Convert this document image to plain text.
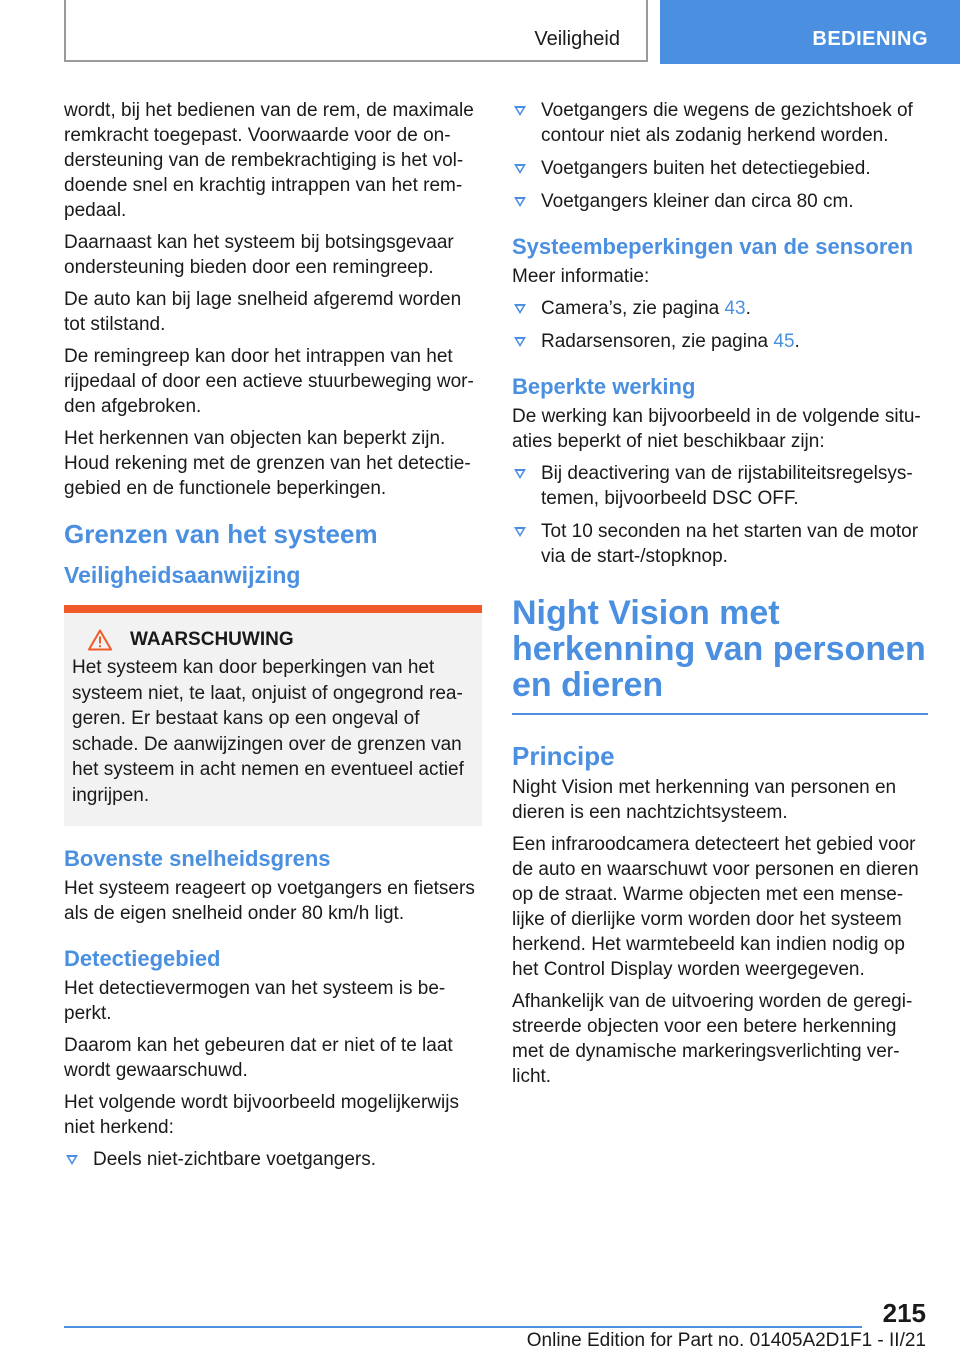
Veiligheid	BEDIENING

wordt, bij het bedienen van de rem, de maximale remkracht toegepast. Voorwaarde voor de ondersteuning van de rembekrachtiging is het voldoende snel en krachtig intrappen van het rempedaal.

Daarnaast kan het systeem bij botsingsgevaar ondersteuning bieden door een remingreep.

De auto kan bij lage snelheid afgeremd worden tot stilstand.

De remingreep kan door het intrappen van het rijpedaal of door een actieve stuurbeweging worden afgebroken.

Het herkennen van objecten kan beperkt zijn. Houd rekening met de grenzen van het detectiegebied en de functionele beperkingen.

Grenzen van het systeem
Veiligheidsaanwijzing
WAARSCHUWING

Het systeem kan door beperkingen van het systeem niet, te laat, onjuist of ongegrond reageren. Er bestaat kans op een ongeval of schade. De aanwijzingen over de grenzen van het systeem in acht nemen en eventueel actief ingrijpen.

Bovenste snelheidsgrens

Het systeem reageert op voetgangers en fietsers als de eigen snelheid onder 80 km/h ligt.

Detectiegebied

Het detectievermogen van het systeem is beperkt.

Daarom kan het gebeuren dat er niet of te laat wordt gewaarschuwd.

Het volgende wordt bijvoorbeeld mogelijkerwijs niet herkend:

Deels niet-zichtbare voetgangers.
Voetgangers die wegens de gezichtshoek of contour niet als zodanig herkend worden.
Voetgangers buiten het detectiegebied.
Voetgangers kleiner dan circa 80 cm.
Systeembeperkingen van de sensoren

Meer informatie:

Camera’s, zie pagina 43.
Radarsensoren, zie pagina 45.
Beperkte werking

De werking kan bijvoorbeeld in de volgende situaties beperkt of niet beschikbaar zijn:

Bij deactivering van de rijstabiliteitsregelsystemen, bijvoorbeeld DSC OFF.
Tot 10 seconden na het starten van de motor via de start-/stopknop.
Night Vision met herkenning van personen en dieren
Principe

Night Vision met herkenning van personen en dieren is een nachtzichtsysteem.

Een infraroodcamera detecteert het gebied voor de auto en waarschuwt voor personen en dieren op de straat. Warme objecten met een menselijke of dierlijke vorm worden door het systeem herkend. Het warmtebeeld kan indien nodig op het Control Display worden weergegeven.

Afhankelijk van de uitvoering worden de geregistreerde objecten voor een betere herkenning met de dynamische markeringsverlichting verlicht.

215
Online Edition for Part no. 01405A2D1F1 - II/21
